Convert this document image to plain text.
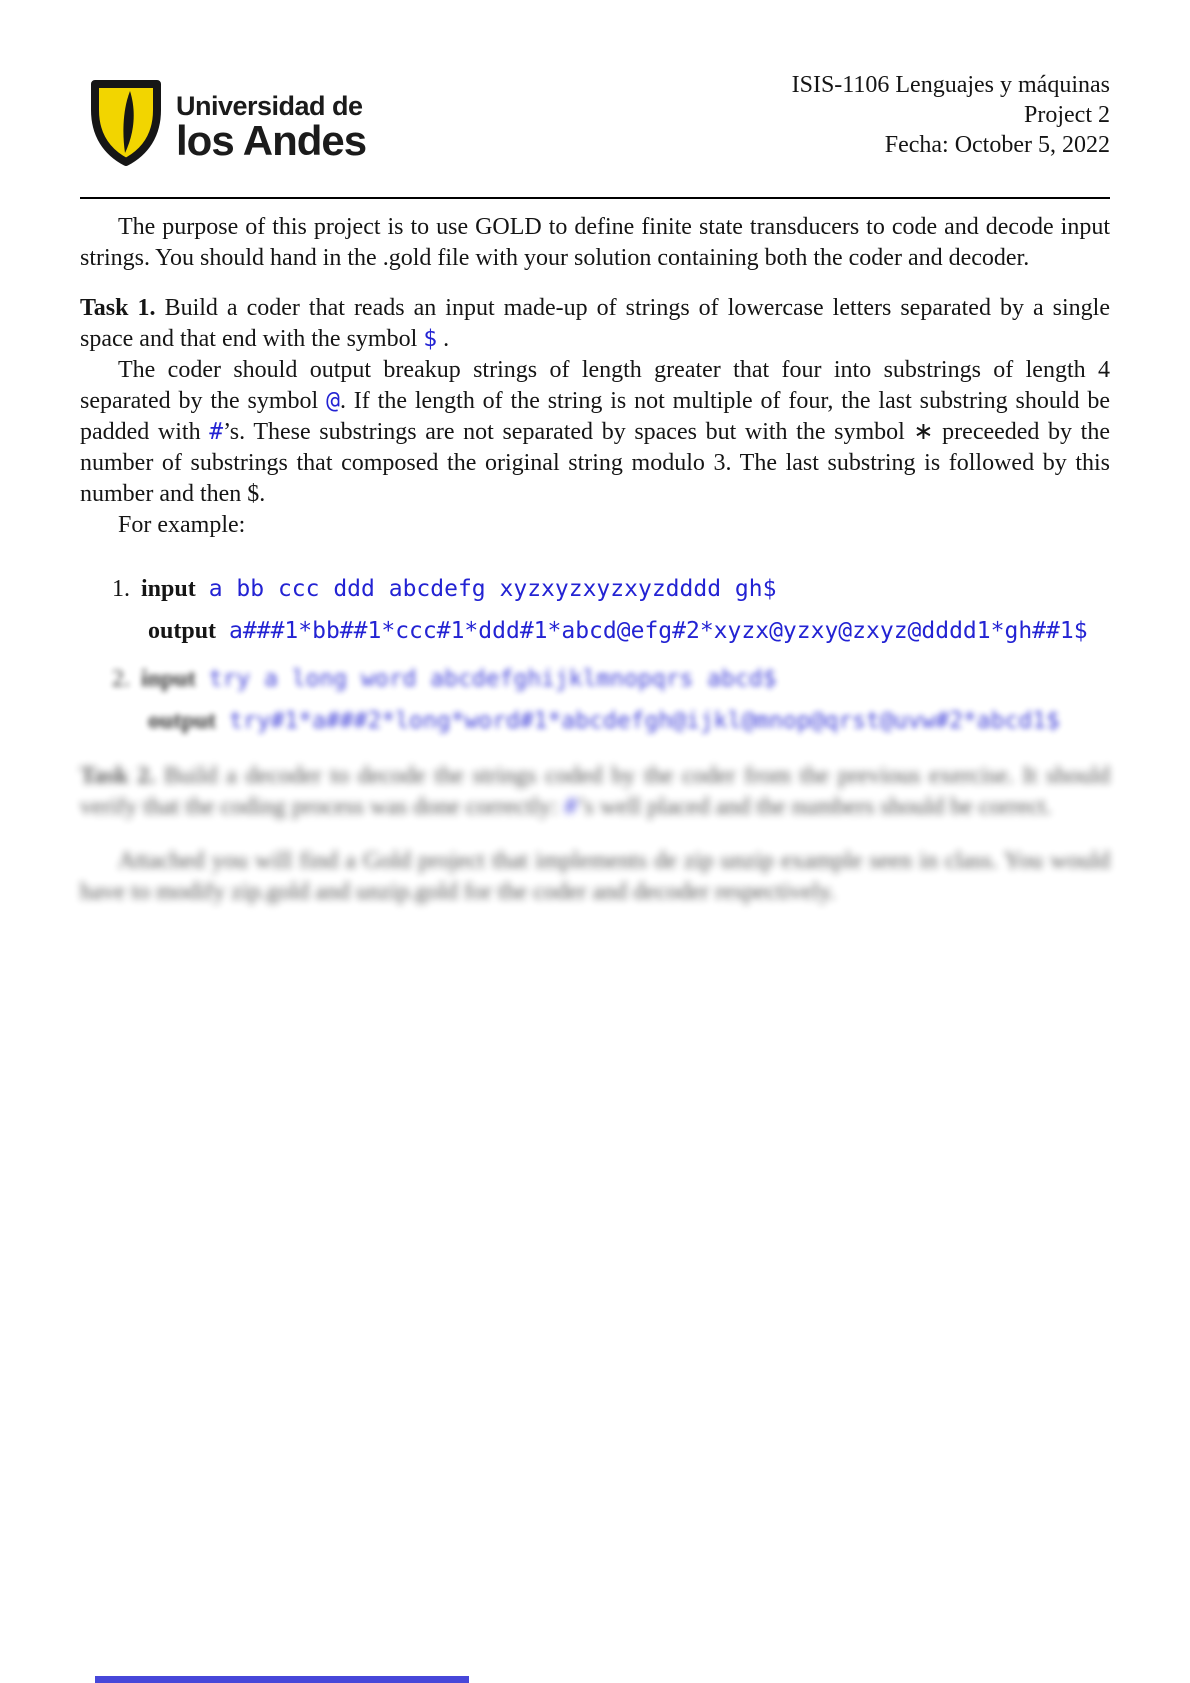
Universidad de
los Andes
ISIS-1106 Lenguajes y máquinas
Project 2
Fecha: October 5, 2022

The purpose of this project is to use GOLD to define finite state transducers to code and decode input strings. You should hand in the .gold file with your solution containing both the coder and decoder.

Task 1. Build a coder that reads an input made-up of strings of lowercase letters separated by a single space and that end with the symbol $ .

The coder should output breakup strings of length greater that four into substrings of length 4 separated by the symbol @. If the length of the string is not multiple of four, the last substring should be padded with #’s. These substrings are not separated by spaces but with the symbol ∗ preceeded by the number of substrings that composed the original string modulo 3. The last substring is followed by this number and then $.

For example:

1. input a bb ccc ddd abcdefg xyzxyzxyzxyzdddd gh$
output a###1*bb##1*ccc#1*ddd#1*abcd@efg#2*xyzx@yzxy@zxyz@dddd1*gh##1$
2. input try a long word abcdefghijklmnopqrs abcd$
output try#1*a###2*long*word#1*abcdefgh@ijkl@mnop@qrst@uvw#2*abcd1$

Task 2. Build a decoder to decode the strings coded by the coder from the previous exercise. It should verify that the coding process was done correctly: #’s well placed and the numbers should be correct.

Attached you will find a Gold project that implements de zip unzip example seen in class. You would have to modify zip.gold and unzip.gold for the coder and decoder respectively.
